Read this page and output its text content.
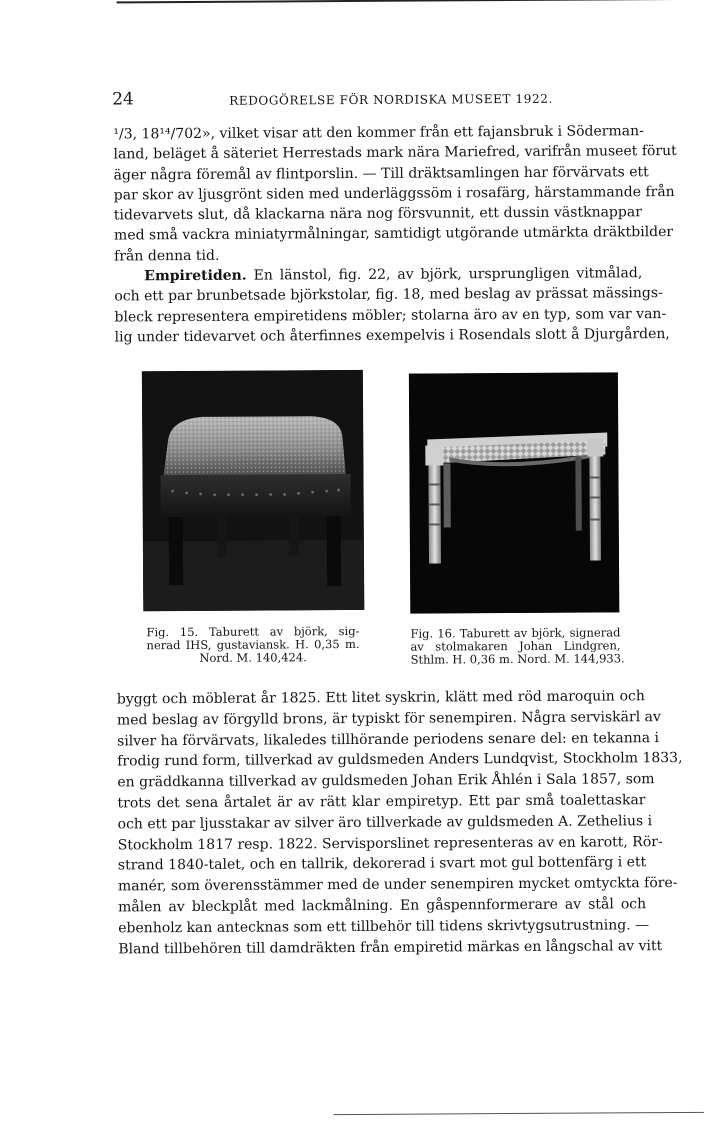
24	REDOGÖRELSE FÖR NORDISKA MUSEET 1922.
¹/3, 18¹⁴/702», vilket visar att den kommer från ett fajansbruk i Söderman-
land, beläget å säteriet Herrestads mark nära Mariefred, varifrån museet förut
äger några föremål av flintporslin. — Till dräktsamlingen har förvärvats ett
par skor av ljusgrönt siden med underläggssöm i rosafärg, härstammande från
tidevarvets slut, då klackarna nära nog försvunnit, ett dussin västknappar
med små vackra miniatyrmålningar, samtidigt utgörande utmärkta dräktbilder
från denna tid.
Empiretiden. En länstol, fig. 22, av björk, ursprungligen vitmålad,
och ett par brunbetsade björkstolar, fig. 18, med beslag av prässat mässings-
bleck representera empiretidens möbler; stolarna äro av en typ, som var van-
lig under tidevarvet och återfinnes exempelvis i Rosendals slott å Djurgården,
Fig. 15. Taburett av björk, sig-
nerad IHS, gustaviansk. H. 0,35 m.
Nord. M. 140,424.
Fig. 16. Taburett av björk, signerad
av stolmakaren Johan Lindgren,
Sthlm. H. 0,36 m. Nord. M. 144,933.
byggt och möblerat år 1825. Ett litet syskrin, klätt med röd maroquin och
med beslag av förgylld brons, är typiskt för senempiren. Några serviskärl av
silver ha förvärvats, likaledes tillhörande periodens senare del: en tekanna i
frodig rund form, tillverkad av guldsmeden Anders Lundqvist, Stockholm 1833,
en gräddkanna tillverkad av guldsmeden Johan Erik Åhlén i Sala 1857, som
trots det sena årtalet är av rätt klar empiretyp. Ett par små toalettaskar
och ett par ljusstakar av silver äro tillverkade av guldsmeden A. Zethelius i
Stockholm 1817 resp. 1822. Servisporslinet representeras av en karott, Rör-
strand 1840-talet, och en tallrik, dekorerad i svart mot gul bottenfärg i ett
manér, som överensstämmer med de under senempiren mycket omtyckta före-
målen av bleckplåt med lackmålning. En gåspennformerare av stål och
ebenholz kan antecknas som ett tillbehör till tidens skrivtygsutrustning. —
Bland tillbehören till damdräkten från empiretid märkas en långschal av vitt
